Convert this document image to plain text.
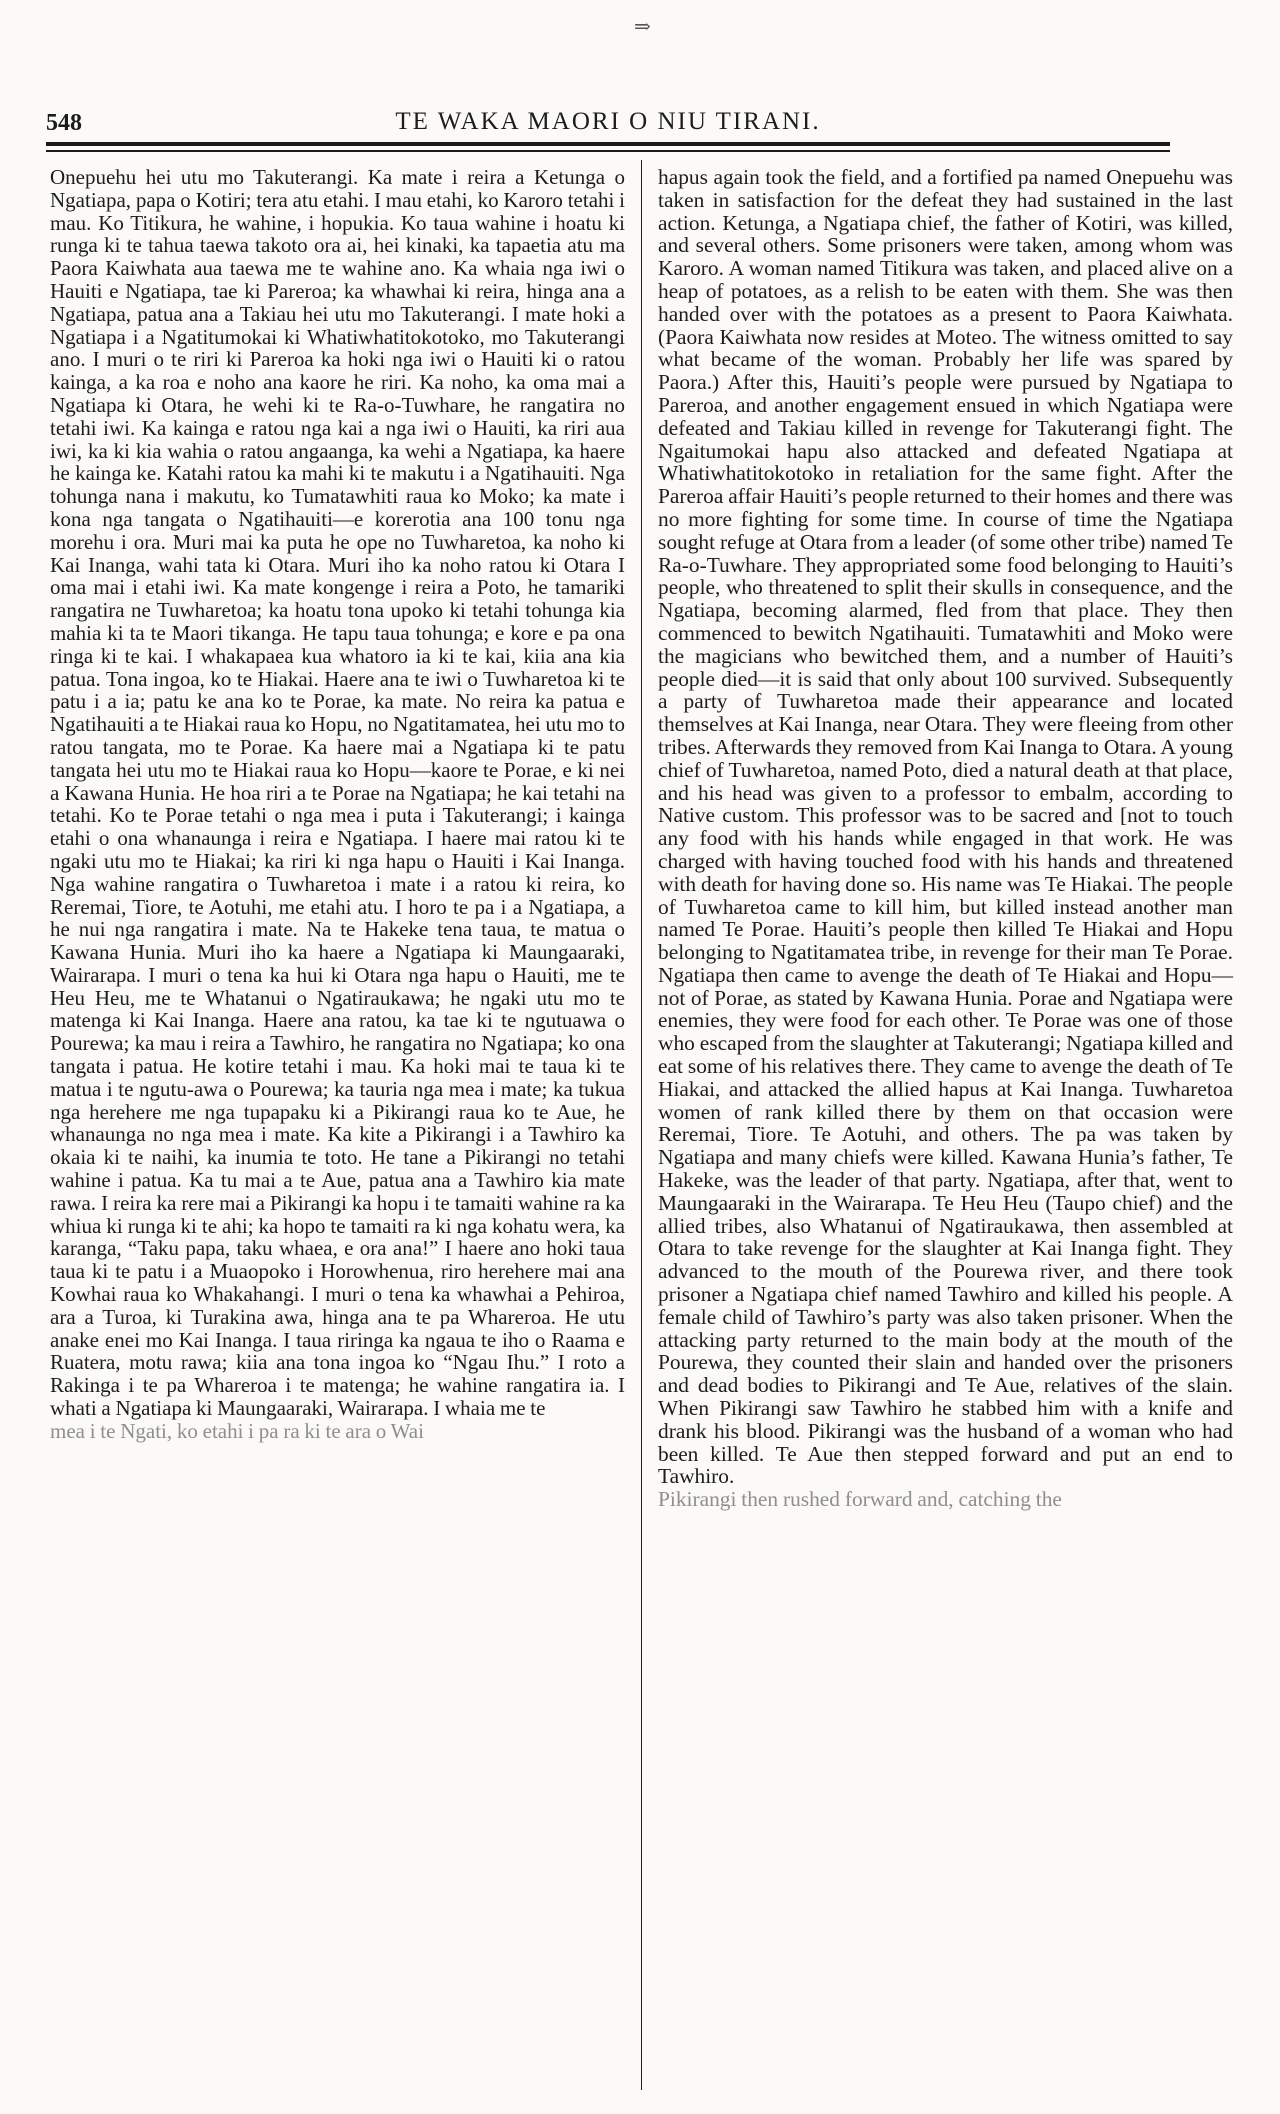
⇒
548	TE WAKA MAORI O NIU TIRANI.

Onepuehu hei utu mo Takuterangi. Ka mate i reira a Ketunga o Ngatiapa, papa o Kotiri; tera atu etahi. I mau etahi, ko Karoro tetahi i mau. Ko Titikura, he wahine, i hopukia. Ko taua wahine i hoatu ki runga ki te tahua taewa takoto ora ai, hei kinaki, ka tapaetia atu ma Paora Kaiwhata aua taewa me te wahine ano. Ka whaia nga iwi o Hauiti e Ngatiapa, tae ki Pareroa; ka whawhai ki reira, hinga ana a Ngatiapa, patua ana a Takiau hei utu mo Takuterangi. I mate hoki a Ngatiapa i a Ngatitumokai ki Whatiwhatitokotoko, mo Takuterangi ano. I muri o te riri ki Pareroa ka hoki nga iwi o Hauiti ki o ratou kainga, a ka roa e noho ana kaore he riri. Ka noho, ka oma mai a Ngatiapa ki Otara, he wehi ki te Ra-o-Tuwhare, he rangatira no tetahi iwi. Ka kainga e ratou nga kai a nga iwi o Hauiti, ka riri aua iwi, ka ki kia wahia o ratou angaanga, ka wehi a Ngatiapa, ka haere he kainga ke. Katahi ratou ka mahi ki te makutu i a Ngatihauiti. Nga tohunga nana i makutu, ko Tumatawhiti raua ko Moko; ka mate i kona nga tangata o Ngatihauiti—e korerotia ana 100 tonu nga morehu i ora. Muri mai ka puta he ope no Tuwharetoa, ka noho ki Kai Inanga, wahi tata ki Otara. Muri iho ka noho ratou ki Otara I oma mai i etahi iwi. Ka mate kongenge i reira a Poto, he tamariki rangatira ne Tuwharetoa; ka hoatu tona upoko ki tetahi tohunga kia mahia ki ta te Maori tikanga. He tapu taua tohunga; e kore e pa ona ringa ki te kai. I whakapaea kua whatoro ia ki te kai, kiia ana kia patua. Tona ingoa, ko te Hiakai. Haere ana te iwi o Tuwharetoa ki te patu i a ia; patu ke ana ko te Porae, ka mate. No reira ka patua e Ngatihauiti a te Hiakai raua ko Hopu, no Ngatitamatea, hei utu mo to ratou tangata, mo te Porae. Ka haere mai a Ngatiapa ki te patu tangata hei utu mo te Hiakai raua ko Hopu—kaore te Porae, e ki nei a Kawana Hunia. He hoa riri a te Porae na Ngatiapa; he kai tetahi na tetahi. Ko te Porae tetahi o nga mea i puta i Takuterangi; i kainga etahi o ona whanaunga i reira e Ngatiapa. I haere mai ratou ki te ngaki utu mo te Hiakai; ka riri ki nga hapu o Hauiti i Kai Inanga. Nga wahine rangatira o Tuwharetoa i mate i a ratou ki reira, ko Reremai, Tiore, te Aotuhi, me etahi atu. I horo te pa i a Ngatiapa, a he nui nga rangatira i mate. Na te Hakeke tena taua, te matua o Kawana Hunia. Muri iho ka haere a Ngatiapa ki Maungaaraki, Wairarapa. I muri o tena ka hui ki Otara nga hapu o Hauiti, me te Heu Heu, me te Whatanui o Ngatiraukawa; he ngaki utu mo te matenga ki Kai Inanga. Haere ana ratou, ka tae ki te ngutuawa o Pourewa; ka mau i reira a Tawhiro, he rangatira no Ngatiapa; ko ona tangata i patua. He kotire tetahi i mau. Ka hoki mai te taua ki te matua i te ngutu-awa o Pourewa; ka tauria nga mea i mate; ka tukua nga herehere me nga tupapaku ki a Pikirangi raua ko te Aue, he whanaunga no nga mea i mate. Ka kite a Pikirangi i a Tawhiro ka okaia ki te naihi, ka inumia te toto. He tane a Pikirangi no tetahi wahine i patua. Ka tu mai a te Aue, patua ana a Tawhiro kia mate rawa. I reira ka rere mai a Pikirangi ka hopu i te tamaiti wahine ra ka whiua ki runga ki te ahi; ka hopo te tamaiti ra ki nga kohatu wera, ka karanga, “Taku papa, taku whaea, e ora ana!” I haere ano hoki taua taua ki te patu i a Muaopoko i Horowhenua, riro herehere mai ana Kowhai raua ko Whakahangi. I muri o tena ka whawhai a Pehiroa, ara a Turoa, ki Turakina awa, hinga ana te pa Whareroa. He utu anake enei mo Kai Inanga. I taua riringa ka ngaua te iho o Raama e Ruatera, motu rawa; kiia ana tona ingoa ko “Ngau Ihu.” I roto a Rakinga i te pa Whareroa i te matenga; he wahine rangatira ia. I whati a Ngatiapa ki Maungaaraki, Wairarapa. I whaia me te

mea i te Ngati, ko etahi i pa ra ki te ara o Wai

hapus again took the field, and a fortified pa named Onepuehu was taken in satisfaction for the defeat they had sustained in the last action. Ketunga, a Ngatiapa chief, the father of Kotiri, was killed, and several others. Some prisoners were taken, among whom was Karoro. A woman named Titikura was taken, and placed alive on a heap of potatoes, as a relish to be eaten with them. She was then handed over with the potatoes as a present to Paora Kaiwhata. (Paora Kaiwhata now resides at Moteo. The witness omitted to say what became of the woman. Probably her life was spared by Paora.) After this, Hauiti’s people were pursued by Ngatiapa to Pareroa, and another engagement ensued in which Ngatiapa were defeated and Takiau killed in revenge for Takuterangi fight. The Ngaitumokai hapu also attacked and defeated Ngatiapa at Whatiwhatitokotoko in retaliation for the same fight. After the Pareroa affair Hauiti’s people returned to their homes and there was no more fighting for some time. In course of time the Ngatiapa sought refuge at Otara from a leader (of some other tribe) named Te Ra-o-Tuwhare. They appropriated some food belonging to Hauiti’s people, who threatened to split their skulls in consequence, and the Ngatiapa, becoming alarmed, fled from that place. They then commenced to bewitch Ngatihauiti. Tumatawhiti and Moko were the magicians who bewitched them, and a number of Hauiti’s people died—it is said that only about 100 survived. Subsequently a party of Tuwharetoa made their appearance and located themselves at Kai Inanga, near Otara. They were fleeing from other tribes. Afterwards they removed from Kai Inanga to Otara. A young chief of Tuwharetoa, named Poto, died a natural death at that place, and his head was given to a professor to embalm, according to Native custom. This professor was to be sacred and [not to touch any food with his hands while engaged in that work. He was charged with having touched food with his hands and threatened with death for having done so. His name was Te Hiakai. The people of Tuwharetoa came to kill him, but killed instead another man named Te Porae. Hauiti’s people then killed Te Hiakai and Hopu belonging to Ngatitamatea tribe, in revenge for their man Te Porae. Ngatiapa then came to avenge the death of Te Hiakai and Hopu—not of Porae, as stated by Kawana Hunia. Porae and Ngatiapa were enemies, they were food for each other. Te Porae was one of those who escaped from the slaughter at Takuterangi; Ngatiapa killed and eat some of his relatives there. They came to avenge the death of Te Hiakai, and attacked the allied hapus at Kai Inanga. Tuwharetoa women of rank killed there by them on that occasion were Reremai, Tiore. Te Aotuhi, and others. The pa was taken by Ngatiapa and many chiefs were killed. Kawana Hunia’s father, Te Hakeke, was the leader of that party. Ngatiapa, after that, went to Maungaaraki in the Wairarapa. Te Heu Heu (Taupo chief) and the allied tribes, also Whatanui of Ngatiraukawa, then assembled at Otara to take revenge for the slaughter at Kai Inanga fight. They advanced to the mouth of the Pourewa river, and there took prisoner a Ngatiapa chief named Tawhiro and killed his people. A female child of Tawhiro’s party was also taken prisoner. When the attacking party returned to the main body at the mouth of the Pourewa, they counted their slain and handed over the prisoners and dead bodies to Pikirangi and Te Aue, relatives of the slain. When Pikirangi saw Tawhiro he stabbed him with a knife and drank his blood. Pikirangi was the husband of a woman who had been killed. Te Aue then stepped forward and put an end to Tawhiro.

Pikirangi then rushed forward and, catching the
